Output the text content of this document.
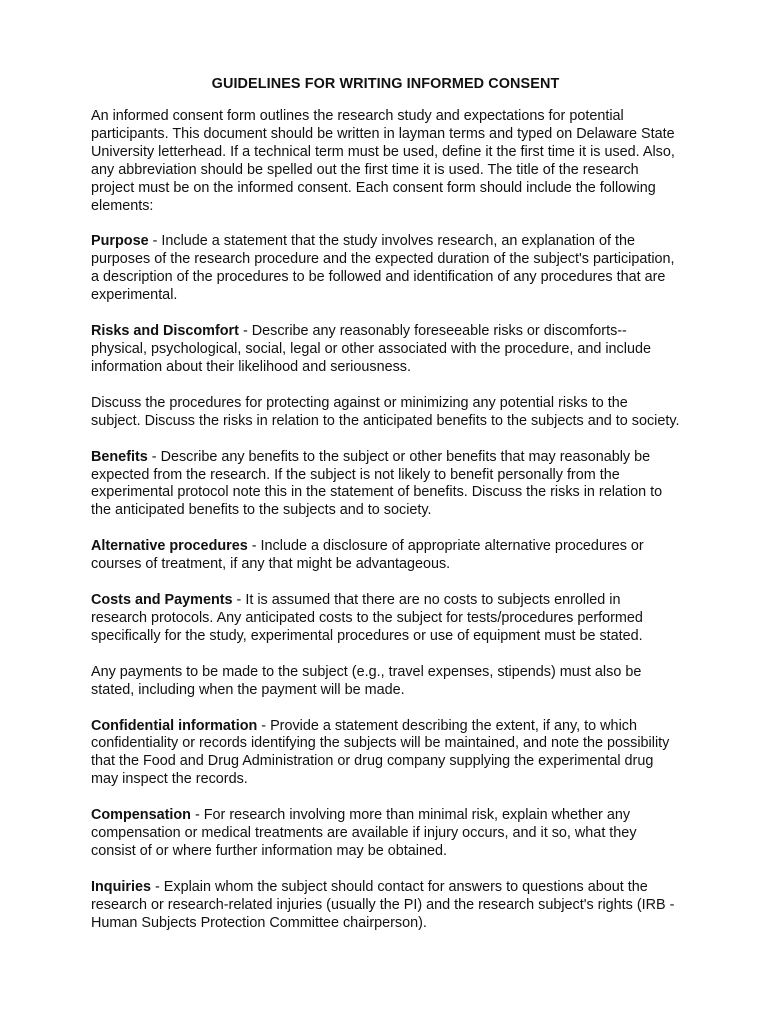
GUIDELINES FOR WRITING INFORMED CONSENT

An informed consent form outlines the research study and expectations for potential participants. This document should be written in layman terms and typed on Delaware State University letterhead. If a technical term must be used, define it the first time it is used. Also, any abbreviation should be spelled out the first time it is used. The title of the research project must be on the informed consent. Each consent form should include the following elements:

Purpose - Include a statement that the study involves research, an explanation of the purposes of the research procedure and the expected duration of the subject's participation, a description of the procedures to be followed and identification of any procedures that are experimental.

Risks and Discomfort - Describe any reasonably foreseeable risks or discomforts--physical, psychological, social, legal or other associated with the procedure, and include information about their likelihood and seriousness.

Discuss the procedures for protecting against or minimizing any potential risks to the subject. Discuss the risks in relation to the anticipated benefits to the subjects and to society.

Benefits - Describe any benefits to the subject or other benefits that may reasonably be expected from the research. If the subject is not likely to benefit personally from the experimental protocol note this in the statement of benefits. Discuss the risks in relation to the anticipated benefits to the subjects and to society.

Alternative procedures - Include a disclosure of appropriate alternative procedures or courses of treatment, if any that might be advantageous.

Costs and Payments - It is assumed that there are no costs to subjects enrolled in research protocols. Any anticipated costs to the subject for tests/procedures performed specifically for the study, experimental procedures or use of equipment must be stated.

Any payments to be made to the subject (e.g., travel expenses, stipends) must also be stated, including when the payment will be made.

Confidential information - Provide a statement describing the extent, if any, to which confidentiality or records identifying the subjects will be maintained, and note the possibility that the Food and Drug Administration or drug company supplying the experimental drug may inspect the records.

Compensation - For research involving more than minimal risk, explain whether any compensation or medical treatments are available if injury occurs, and it so, what they consist of or where further information may be obtained.

Inquiries - Explain whom the subject should contact for answers to questions about the research or research-related injuries (usually the PI) and the research subject's rights (IRB - Human Subjects Protection Committee chairperson).
